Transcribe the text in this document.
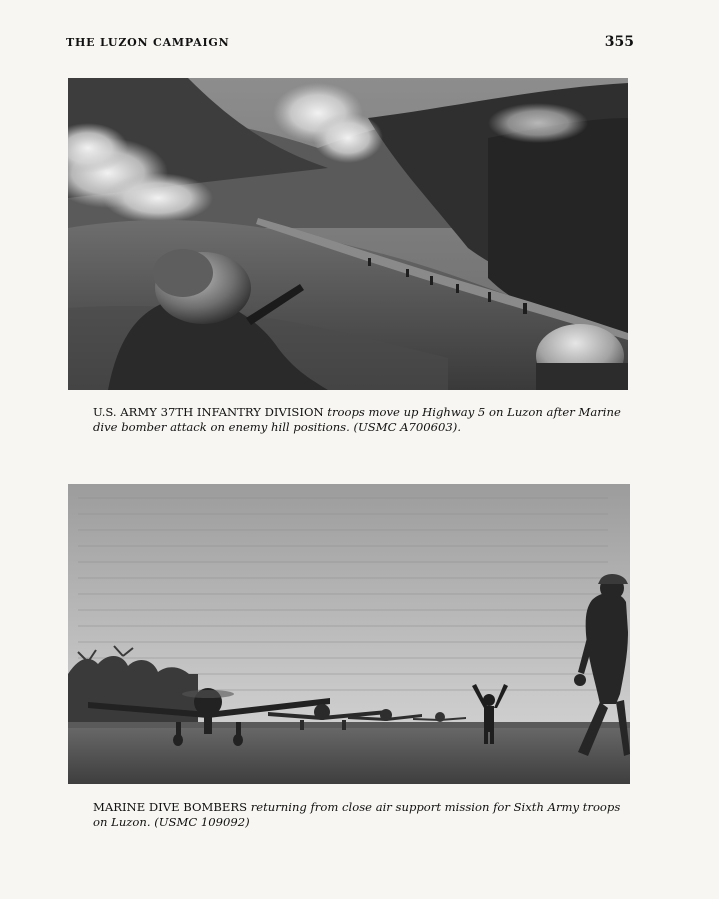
THE LUZON CAMPAIGN	355
U.S. ARMY 37TH INFANTRY DIVISION troops move up Highway 5 on Luzon after Marine dive bomber attack on enemy hill positions. (USMC A700603).
MARINE DIVE BOMBERS returning from close air support mission for Sixth Army troops on Luzon. (USMC 109092)
